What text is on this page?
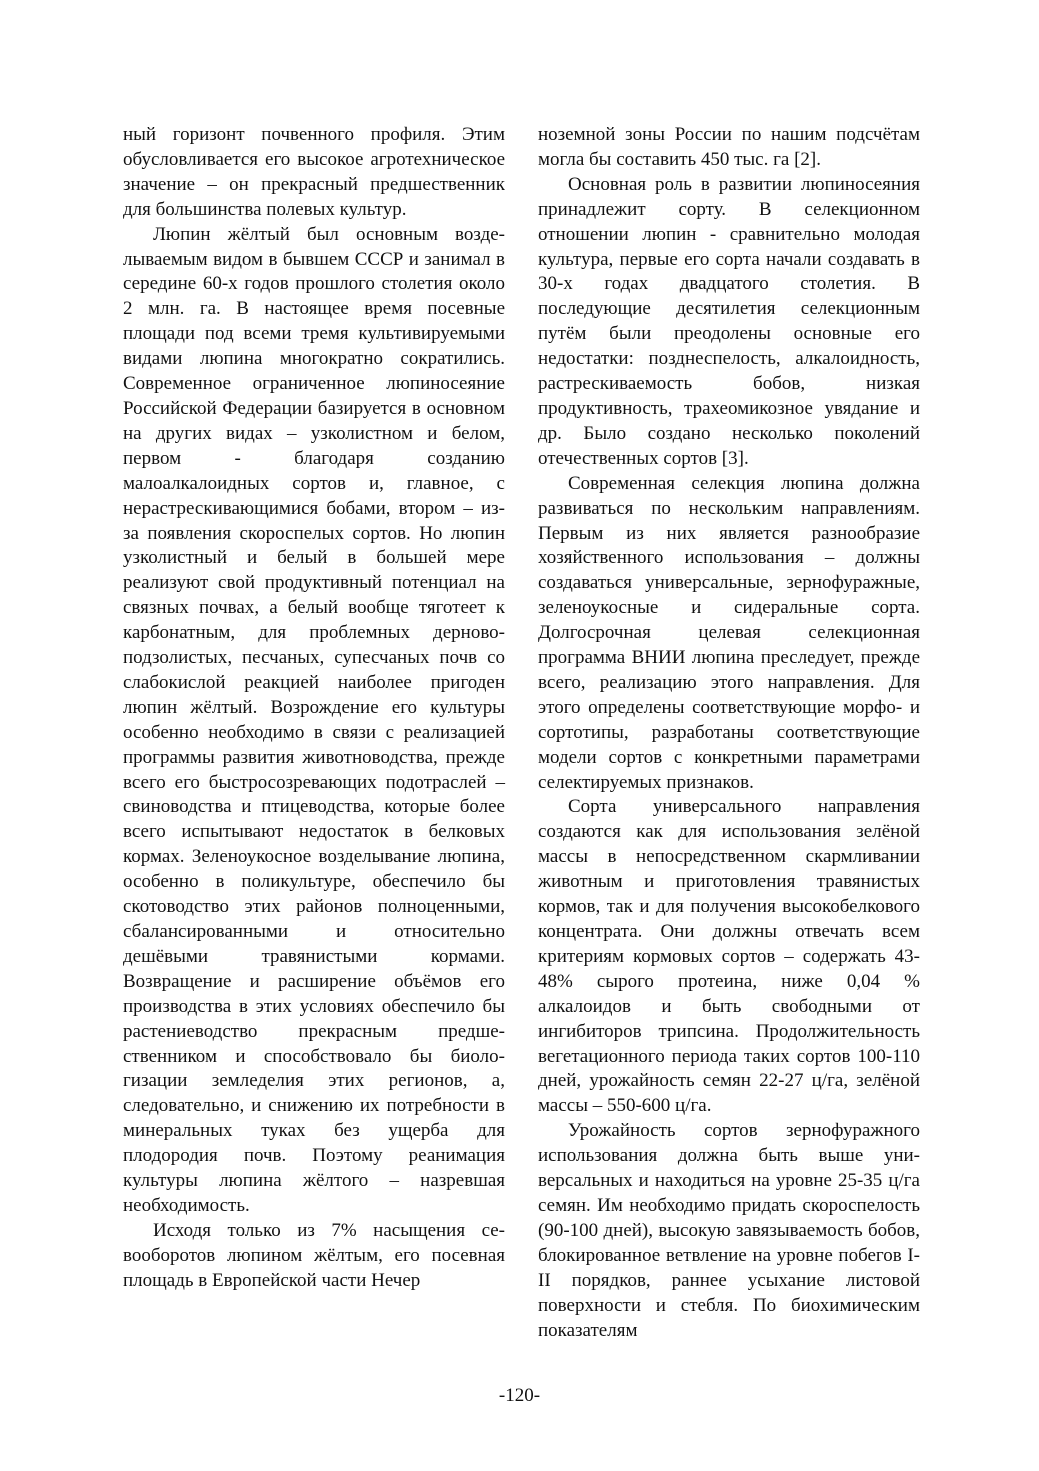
ный горизонт почвенного профиля. Этим обусловливается его высокое агротехническое значение – он прекрасный предшественник для большинства полевых культур.

Люпин жёлтый был основным возделываемым видом в бывшем СССР и занимал в середине 60-х годов прошлого столетия около 2 млн. га. В настоящее время посевные площади под всеми тремя культивируемыми видами люпина многократно сократились. Современное ограниченное люпиносеяние Российской Федерации базируется в основном на других видах – узколистном и белом, первом - благодаря созданию малоалкалоидных сортов и, главное, с нерастрескивающимися бобами, втором – из-за появления скороспелых сортов. Но люпин узколистный и белый в большей мере реализуют свой продуктивный потенциал на связных почвах, а белый вообще тяготеет к карбонатным, для проблемных дерново-подзолистых, песчаных, супесчаных почв со слабокислой реакцией наиболее пригоден люпин жёлтый. Возрождение его культуры особенно необходимо в связи с реализацией программы развития животноводства, прежде всего его быстросозревающих подотраслей – свиноводства и птицеводства, которые более всего испытывают недостаток в белковых кормах. Зеленоукосное возделывание люпина, особенно в поликультуре, обеспечило бы скотоводство этих районов полноценными, сбалансированными и относительно дешёвыми травянистыми кормами. Возвращение и расширение объёмов его производства в этих условиях обеспечило бы растениеводство прекрасным предшественником и способствовало бы биологизации земледелия этих регионов, а, следовательно, и снижению их потребности в минеральных туках без ущерба для плодородия почв. Поэтому реанимация культуры люпина жёлтого – назревшая необходимость.

Исходя только из 7% насыщения севооборотов люпином жёлтым, его посевная площадь в Европейской части Нечер

ноземной зоны России по нашим подсчётам могла бы составить 450 тыс. га [2].

Основная роль в развитии люпиносеяния принадлежит сорту. В селекционном отношении люпин - сравнительно молодая культура, первые его сорта начали создавать в 30-х годах двадцатого столетия. В последующие десятилетия селекционным путём были преодолены основные его недостатки: позднеспелость, алкалоидность, растрескиваемость бобов, низкая продуктивность, трахеомикозное увядание и др. Было создано несколько поколений отечественных сортов [3].

Современная селекция люпина должна развиваться по нескольким направлениям. Первым из них является разнообразие хозяйственного использования – должны создаваться универсальные, зернофуражные, зеленоукосные и сидеральные сорта. Долгосрочная целевая селекционная программа ВНИИ люпина преследует, прежде всего, реализацию этого направления. Для этого определены соответствующие морфо- и сортотипы, разработаны соответствующие модели сортов с конкретными параметрами селектируемых признаков.

Сорта универсального направления создаются как для использования зелёной массы в непосредственном скармливании животным и приготовления травянистых кормов, так и для получения высокобелкового концентрата. Они должны отвечать всем критериям кормовых сортов – содержать 43-48% сырого протеина, ниже 0,04 % алкалоидов и быть свободными от ингибиторов трипсина. Продолжительность вегетационного периода таких сортов 100-110 дней, урожайность семян 22-27 ц/га, зелёной массы – 550-600 ц/га.

Урожайность сортов зернофуражного использования должна быть выше универсальных и находиться на уровне 25-35 ц/га семян. Им необходимо придать скороспелость (90-100 дней), высокую завязываемость бобов, блокированное ветвление на уровне побегов I-II порядков, раннее усыхание листовой поверхности и стебля. По биохимическим показателям

-120-
